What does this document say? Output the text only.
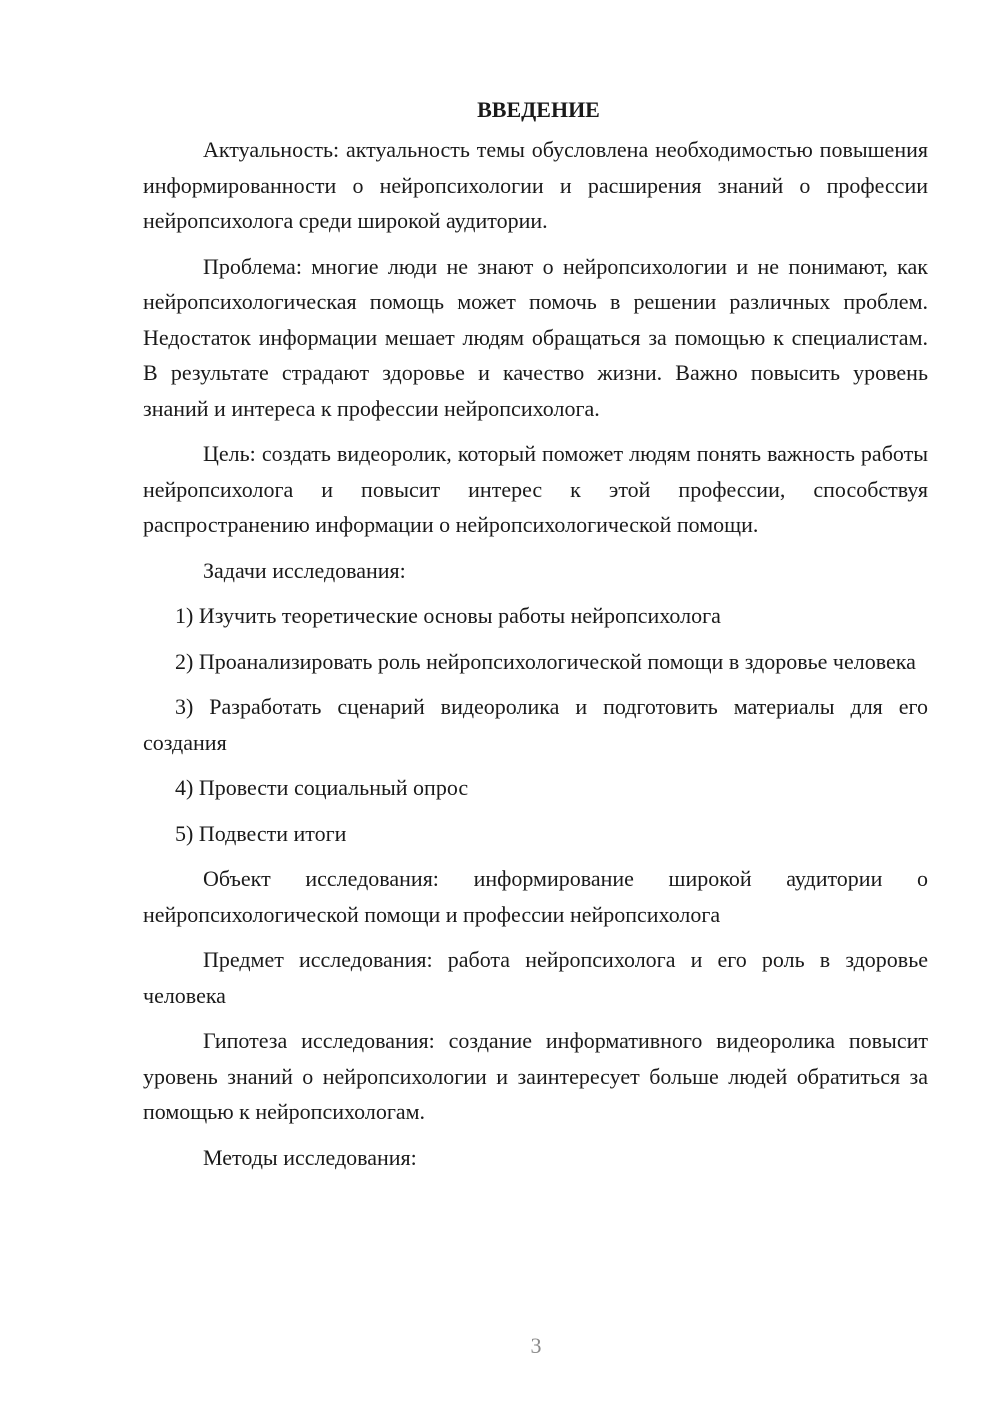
ВВЕДЕНИЕ

Актуальность: актуальность темы обусловлена необходимостью повышения информированности о нейропсихологии и расширения знаний о профессии нейропсихолога среди широкой аудитории.

Проблема: многие люди не знают о нейропсихологии и не понимают, как нейропсихологическая помощь может помочь в решении различных проблем. Недостаток информации мешает людям обращаться за помощью к специалистам. В результате страдают здоровье и качество жизни. Важно повысить уровень знаний и интереса к профессии нейропсихолога.

Цель: создать видеоролик, который поможет людям понять важность работы нейропсихолога и повысит интерес к этой профессии, способствуя распространению информации о нейропсихологической помощи.

Задачи исследования:

1) Изучить теоретические основы работы нейропсихолога

2) Проанализировать роль нейропсихологической помощи в здоровье человека

3) Разработать сценарий видеоролика и подготовить материалы для его создания

4) Провести социальный опрос

5) Подвести итоги

Объект исследования: информирование широкой аудитории о нейропсихологической помощи и профессии нейропсихолога

Предмет исследования: работа нейропсихолога и его роль в здоровье человека

Гипотеза исследования: создание информативного видеоролика повысит уровень знаний о нейропсихологии и заинтересует больше людей обратиться за помощью к нейропсихологам.

Методы исследования:

3
